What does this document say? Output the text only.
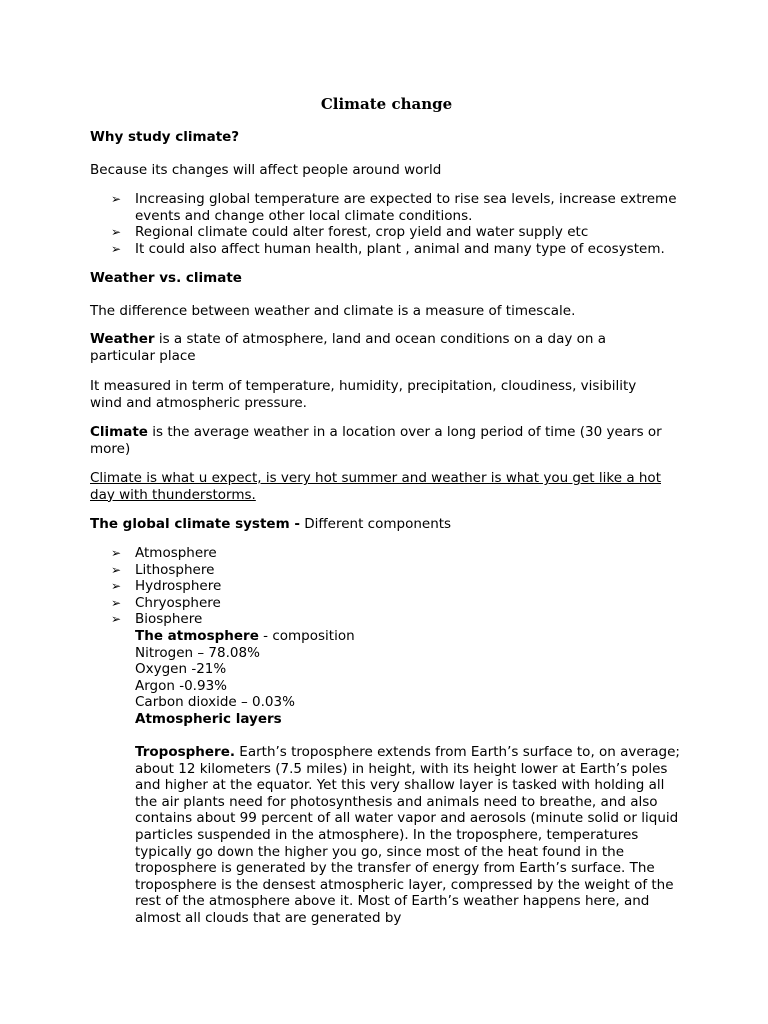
Climate change

Why study climate?

Because its changes will affect people around world

➢ Increasing global temperature are expected to rise sea levels, increase extreme events and change other local climate conditions.
➢ Regional climate could alter forest, crop yield and water supply etc
➢ It could also affect human health, plant , animal and many type of ecosystem.

Weather vs. climate

The difference between weather and climate is a measure of timescale.

Weather is a state of atmosphere, land and ocean conditions on a day on a particular place

It measured in term of temperature, humidity, precipitation, cloudiness, visibility wind and atmospheric pressure.

Climate is the average weather in a location over a long period of time (30 years or more)

Climate is what u expect, is very hot summer and weather is what you get like a hot day with thunderstorms.

The global climate system - Different components

➢ Atmosphere
➢ Lithosphere
➢ Hydrosphere
➢ Chryosphere
➢ Biosphere
The atmosphere - composition
Nitrogen – 78.08%
Oxygen -21%
Argon -0.93%
Carbon dioxide – 0.03%
Atmospheric layers

Troposphere. Earth’s troposphere extends from Earth’s surface to, on average; about 12 kilometers (7.5 miles) in height, with its height lower at Earth’s poles and higher at the equator. Yet this very shallow layer is tasked with holding all the air plants need for photosynthesis and animals need to breathe, and also contains about 99 percent of all water vapor and aerosols (minute solid or liquid particles suspended in the atmosphere). In the troposphere, temperatures typically go down the higher you go, since most of the heat found in the troposphere is generated by the transfer of energy from Earth’s surface. The troposphere is the densest atmospheric layer, compressed by the weight of the rest of the atmosphere above it. Most of Earth’s weather happens here, and almost all clouds that are generated by
